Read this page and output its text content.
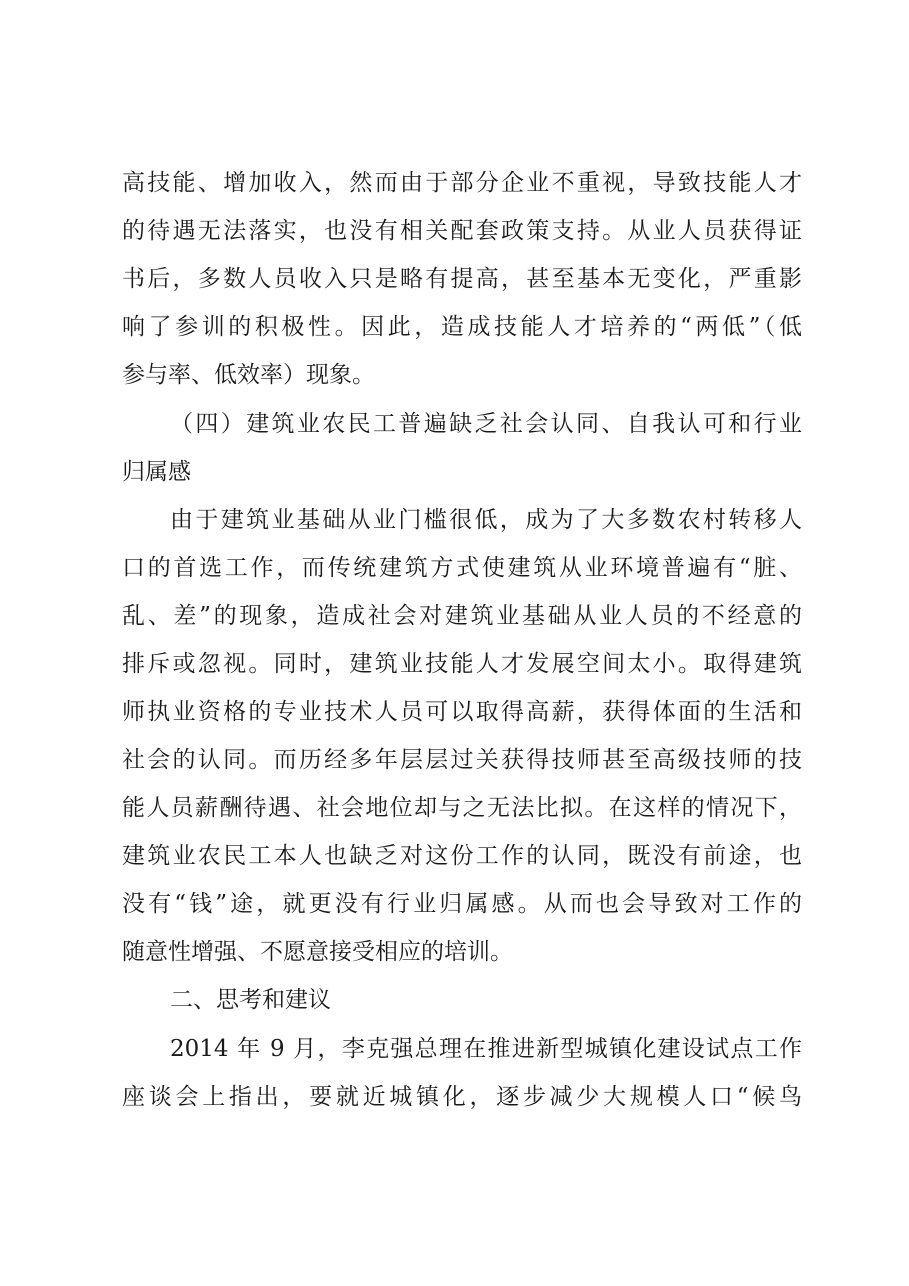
高技能、增加收入，然而由于部分企业不重视，导致技能人才
的待遇无法落实，也没有相关配套政策支持。从业人员获得证
书后，多数人员收入只是略有提高，甚至基本无变化，严重影
响了参训的积极性。因此，造成技能人才培养的“两低”（低
参与率、低效率）现象。
（四）建筑业农民工普遍缺乏社会认同、自我认可和行业
归属感
由于建筑业基础从业门槛很低，成为了大多数农村转移人
口的首选工作，而传统建筑方式使建筑从业环境普遍有“脏、
乱、差”的现象，造成社会对建筑业基础从业人员的不经意的
排斥或忽视。同时，建筑业技能人才发展空间太小。取得建筑
师执业资格的专业技术人员可以取得高薪，获得体面的生活和
社会的认同。而历经多年层层过关获得技师甚至高级技师的技
能人员薪酬待遇、社会地位却与之无法比拟。在这样的情况下，
建筑业农民工本人也缺乏对这份工作的认同，既没有前途，也
没有“钱”途，就更没有行业归属感。从而也会导致对工作的
随意性增强、不愿意接受相应的培训。
二、思考和建议
2014 年 9 月，李克强总理在推进新型城镇化建设试点工作
座谈会上指出，要就近城镇化，逐步减少大规模人口“候鸟
